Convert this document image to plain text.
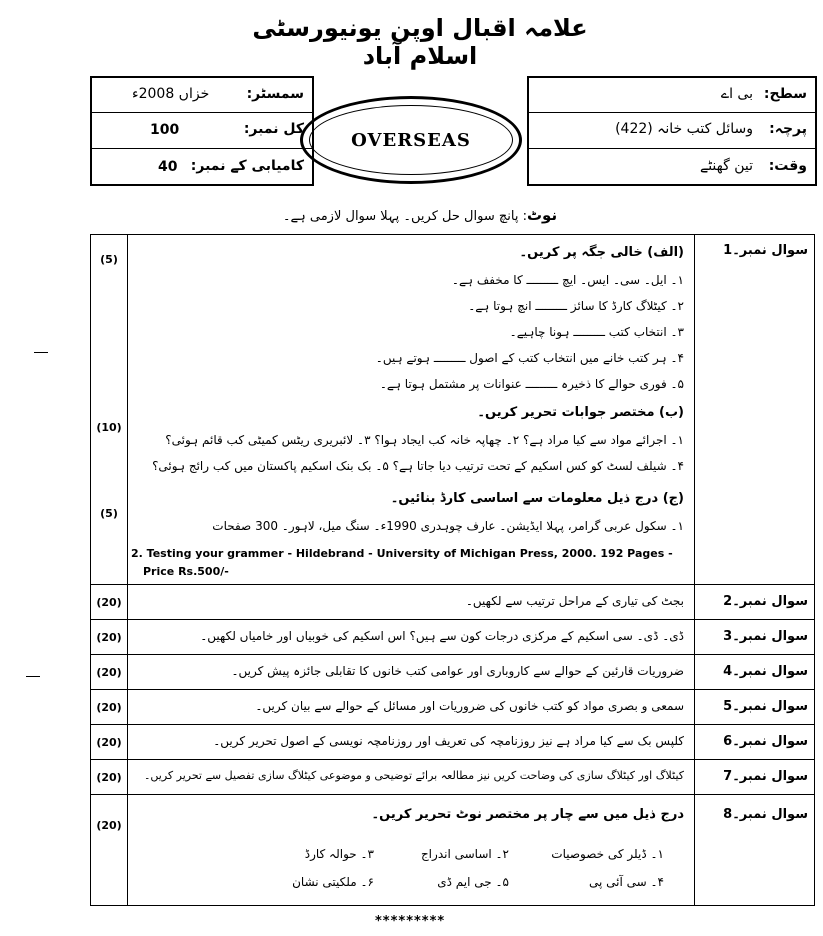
علامہ اقبال اوپن یونیورسٹی اسلام آباد
سطح:
بی اے
پرچہ:
وسائل کتب خانہ (422)
وقت:
تین گھنٹے
سمسٹر:
خزاں 2008ء
کل نمبر:
100
کامیابی کے نمبر:
40
OVERSEAS
نوٹ: پانچ سوال حل کریں۔ پہلا سوال لازمی ہے۔
سوال نمبر۔1
(5)	(الف) خالی جگہ پر کریں۔
۱۔ ایل۔ سی۔ ایس۔ ایچ ـــــــــ کا مخفف ہے۔
۲۔ کیٹلاگ کارڈ کا سائز ـــــــــ انچ ہوتا ہے۔
۳۔ انتخاب کتب ـــــــــ ہونا چاہیے۔
۴۔ ہر کتب خانے میں انتخاب کتب کے اصول ـــــــــ ہوتے ہیں۔
۵۔ فوری حوالے کا ذخیرہ ـــــــــ عنوانات پر مشتمل ہوتا ہے۔
(10)
(ب) مختصر جوابات تحریر کریں۔
۱۔ اجرائے مواد سے کیا مراد ہے؟ ۲۔ چھاپہ خانہ کب ایجاد ہوا؟ ۳۔ لائبریری ریٹس کمیٹی کب قائم ہوئی؟
۴۔ شیلف لسٹ کو کس اسکیم کے تحت ترتیب دیا جاتا ہے؟ ۵۔ بک بنک اسکیم پاکستان میں کب رائج ہوئی؟
(5)
(ج) درج ذیل معلومات سے اساسی کارڈ بنائیں۔
۱۔ سکول عربی گرامر، پہلا ایڈیشن۔ عارف چوہدری 1990ء۔ سنگ میل، لاہور۔ 300 صفحات
2. Testing your grammer - Hildebrand - University of Michigan Press, 2000. 192 Pages -
Price Rs.500/-
سوال نمبر۔2
(20)	بجٹ کی تیاری کے مراحل ترتیب سے لکھیں۔
سوال نمبر۔3
(20)	ڈی۔ ڈی۔ سی اسکیم کے مرکزی درجات کون سے ہیں؟ اس اسکیم کی خوبیاں اور خامیاں لکھیں۔
سوال نمبر۔4
(20)	ضروریات قارئین کے حوالے سے کاروباری اور عوامی کتب خانوں کا تقابلی جائزہ پیش کریں۔
سوال نمبر۔5
(20)	سمعی و بصری مواد کو کتب خانوں کی ضروریات اور مسائل کے حوالے سے بیان کریں۔
سوال نمبر۔6
(20)	کلپس بک سے کیا مراد ہے نیز روزنامچہ کی تعریف اور روزنامچہ نویسی کے اصول تحریر کریں۔
سوال نمبر۔7
(20)	کیٹلاگ اور کیٹلاگ سازی کی وضاحت کریں نیز مطالعہ برائے توضیحی و موضوعی کیٹلاگ سازی تفصیل سے تحریر کریں۔
سوال نمبر۔8
(20)
درج ذیل میں سے چار پر مختصر نوٹ تحریر کریں۔
۱۔ ڈیلر کی خصوصیات
۲۔ اساسی اندراج
۳۔ حوالہ کارڈ
۴۔ سی آئی پی
۵۔ جی ایم ڈی
۶۔ ملکیتی نشان
*********
